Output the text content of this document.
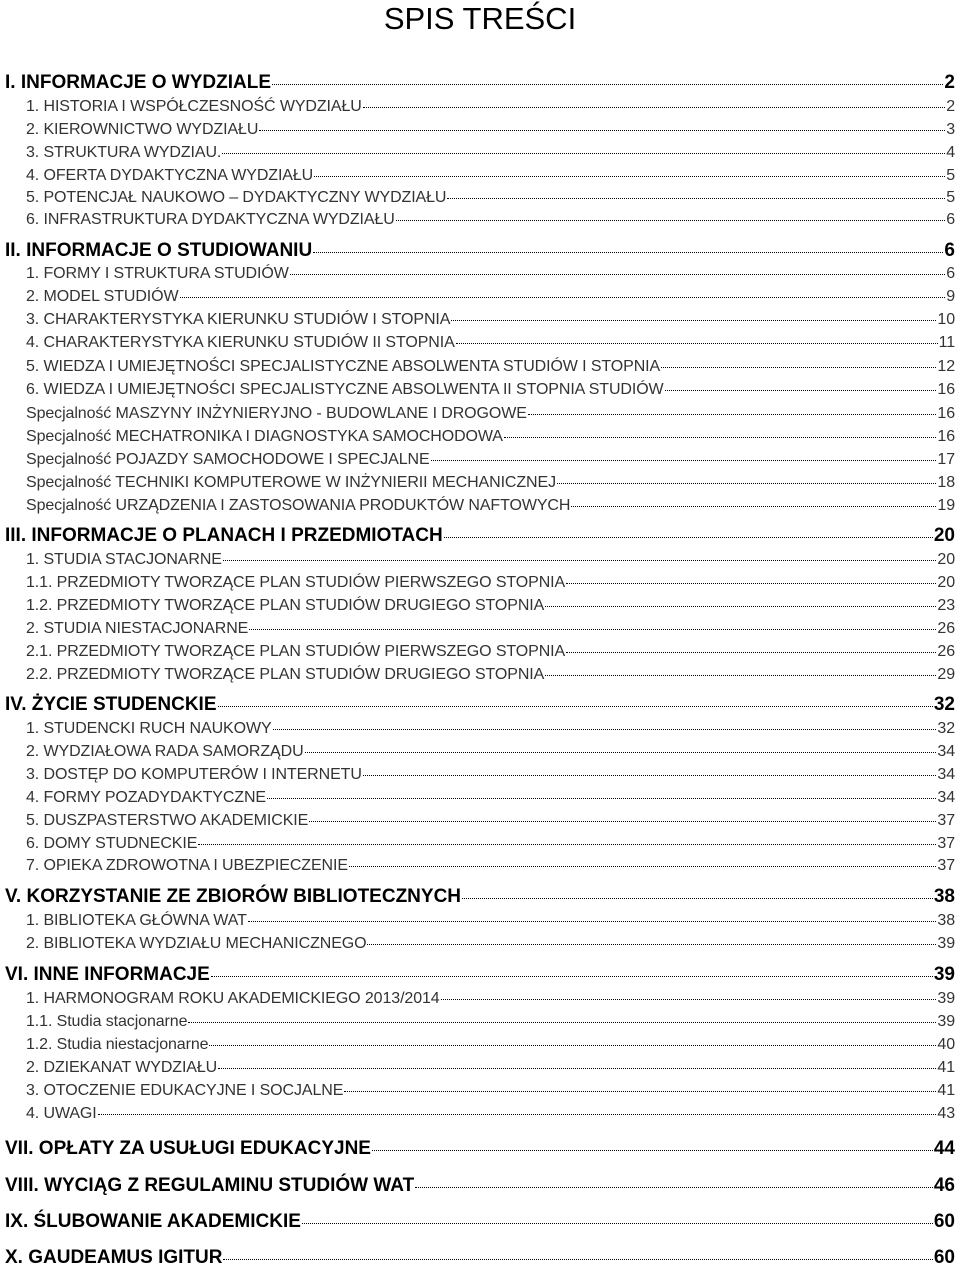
SPIS TREŚCI
I. INFORMACJE O WYDZIALE	2
1. HISTORIA I WSPÓŁCZESNOŚĆ WYDZIAŁU	2
2. KIEROWNICTWO WYDZIAŁU	3
3. STRUKTURA WYDZIAU.	4
4. OFERTA DYDAKTYCZNA WYDZIAŁU	5
5. POTENCJAŁ NAUKOWO – DYDAKTYCZNY WYDZIAŁU	5
6. INFRASTRUKTURA DYDAKTYCZNA WYDZIAŁU	6
II. INFORMACJE O STUDIOWANIU	6
1. FORMY I STRUKTURA STUDIÓW	6
2. MODEL STUDIÓW	9
3. CHARAKTERYSTYKA KIERUNKU STUDIÓW I STOPNIA	10
4. CHARAKTERYSTYKA KIERUNKU STUDIÓW II STOPNIA	11
5. WIEDZA I UMIEJĘTNOŚCI SPECJALISTYCZNE ABSOLWENTA STUDIÓW I STOPNIA	12
6. WIEDZA I UMIEJĘTNOŚCI SPECJALISTYCZNE ABSOLWENTA II STOPNIA STUDIÓW	16
Specjalność MASZYNY INŻYNIERYJNO - BUDOWLANE I DROGOWE	16
Specjalność MECHATRONIKA I DIAGNOSTYKA SAMOCHODOWA	16
Specjalność POJAZDY SAMOCHODOWE I SPECJALNE	17
Specjalność TECHNIKI KOMPUTEROWE W INŻYNIERII MECHANICZNEJ	18
Specjalność URZĄDZENIA I ZASTOSOWANIA PRODUKTÓW NAFTOWYCH	19
III. INFORMACJE O PLANACH I PRZEDMIOTACH	20
1. STUDIA STACJONARNE	20
1.1. PRZEDMIOTY TWORZĄCE PLAN STUDIÓW PIERWSZEGO STOPNIA	20
1.2. PRZEDMIOTY TWORZĄCE PLAN STUDIÓW DRUGIEGO STOPNIA	23
2. STUDIA NIESTACJONARNE	26
2.1. PRZEDMIOTY TWORZĄCE PLAN STUDIÓW PIERWSZEGO STOPNIA	26
2.2. PRZEDMIOTY TWORZĄCE PLAN STUDIÓW DRUGIEGO STOPNIA	29
IV. ŻYCIE STUDENCKIE	32
1. STUDENCKI RUCH NAUKOWY	32
2. WYDZIAŁOWA RADA SAMORZĄDU	34
3. DOSTĘP DO KOMPUTERÓW I INTERNETU	34
4. FORMY POZADYDAKTYCZNE	34
5. DUSZPASTERSTWO AKADEMICKIE	37
6. DOMY STUDNECKIE	37
7. OPIEKA ZDROWOTNA I UBEZPIECZENIE	37
V. KORZYSTANIE ZE ZBIORÓW BIBLIOTECZNYCH	38
1. BIBLIOTEKA GŁÓWNA WAT	38
2. BIBLIOTEKA WYDZIAŁU MECHANICZNEGO	39
VI. INNE INFORMACJE	39
1. HARMONOGRAM ROKU AKADEMICKIEGO 2013/2014	39
1.1. Studia stacjonarne	39
1.2. Studia niestacjonarne	40
2. DZIEKANAT WYDZIAŁU	41
3. OTOCZENIE EDUKACYJNE I SOCJALNE	41
4. UWAGI	43
VII. OPŁATY ZA USUŁUGI EDUKACYJNE	44
VIII. WYCIĄG Z REGULAMINU STUDIÓW WAT	46
IX. ŚLUBOWANIE AKADEMICKIE	60
X. GAUDEAMUS IGITUR	60
